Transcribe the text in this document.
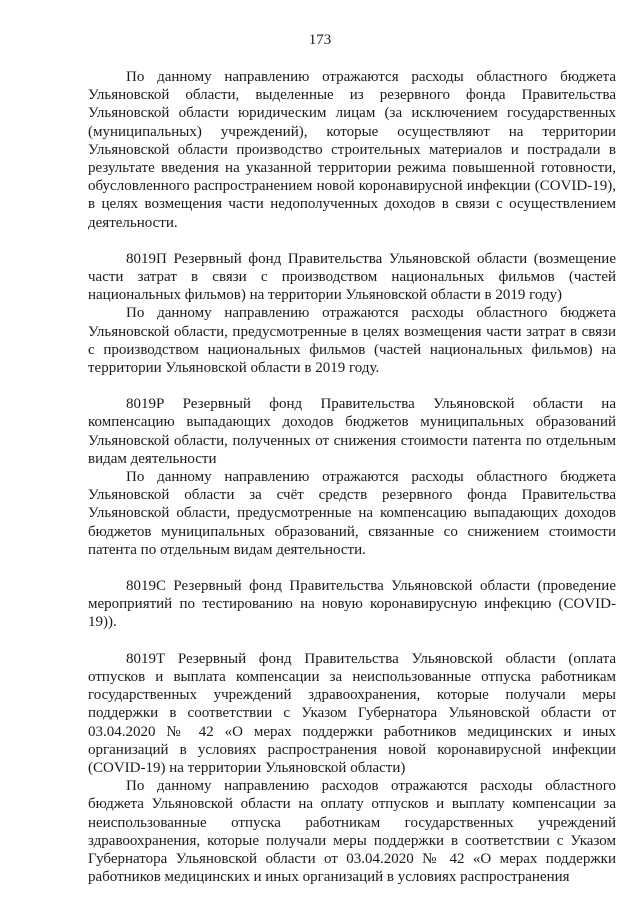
173

По данному направлению отражаются расходы областного бюджета Ульяновской области, выделенные из резервного фонда Правительства Ульяновской области юридическим лицам (за исключением государственных (муниципальных) учреждений), которые осуществляют на территории Ульяновской области производство строительных материалов и пострадали в результате введения на указанной территории режима повышенной готовности, обусловленного распространением новой коронавирусной инфекции (COVID-19), в целях возмещения части недополученных доходов в связи с осуществлением деятельности.

8019П Резервный фонд Правительства Ульяновской области (возмещение части затрат в связи с производством национальных фильмов (частей национальных фильмов) на территории Ульяновской области в 2019 году)

По данному направлению отражаются расходы областного бюджета Ульяновской области, предусмотренные в целях возмещения части затрат в связи с производством национальных фильмов (частей национальных фильмов) на территории Ульяновской области в 2019 году.

8019Р Резервный фонд Правительства Ульяновской области на компенсацию выпадающих доходов бюджетов муниципальных образований Ульяновской области, полученных от снижения стоимости патента по отдельным видам деятельности

По данному направлению отражаются расходы областного бюджета Ульяновской области за счёт средств резервного фонда Правительства Ульяновской области, предусмотренные на компенсацию выпадающих доходов бюджетов муниципальных образований, связанные со снижением стоимости патента по отдельным видам деятельности.

8019С Резервный фонд Правительства Ульяновской области (проведение мероприятий по тестированию на новую коронавирусную инфекцию (COVID-19)).

8019Т Резервный фонд Правительства Ульяновской области (оплата отпусков и выплата компенсации за неиспользованные отпуска работникам государственных учреждений здравоохранения, которые получали меры поддержки в соответствии с Указом Губернатора Ульяновской области от 03.04.2020 № 42 «О мерах поддержки работников медицинских и иных организаций в условиях распространения новой коронавирусной инфекции (COVID-19) на территории Ульяновской области)

По данному направлению расходов отражаются расходы областного бюджета Ульяновской области на оплату отпусков и выплату компенсации за неиспользованные отпуска работникам государственных учреждений здравоохранения, которые получали меры поддержки в соответствии с Указом Губернатора Ульяновской области от 03.04.2020 № 42 «О мерах поддержки работников медицинских и иных организаций в условиях распространения
